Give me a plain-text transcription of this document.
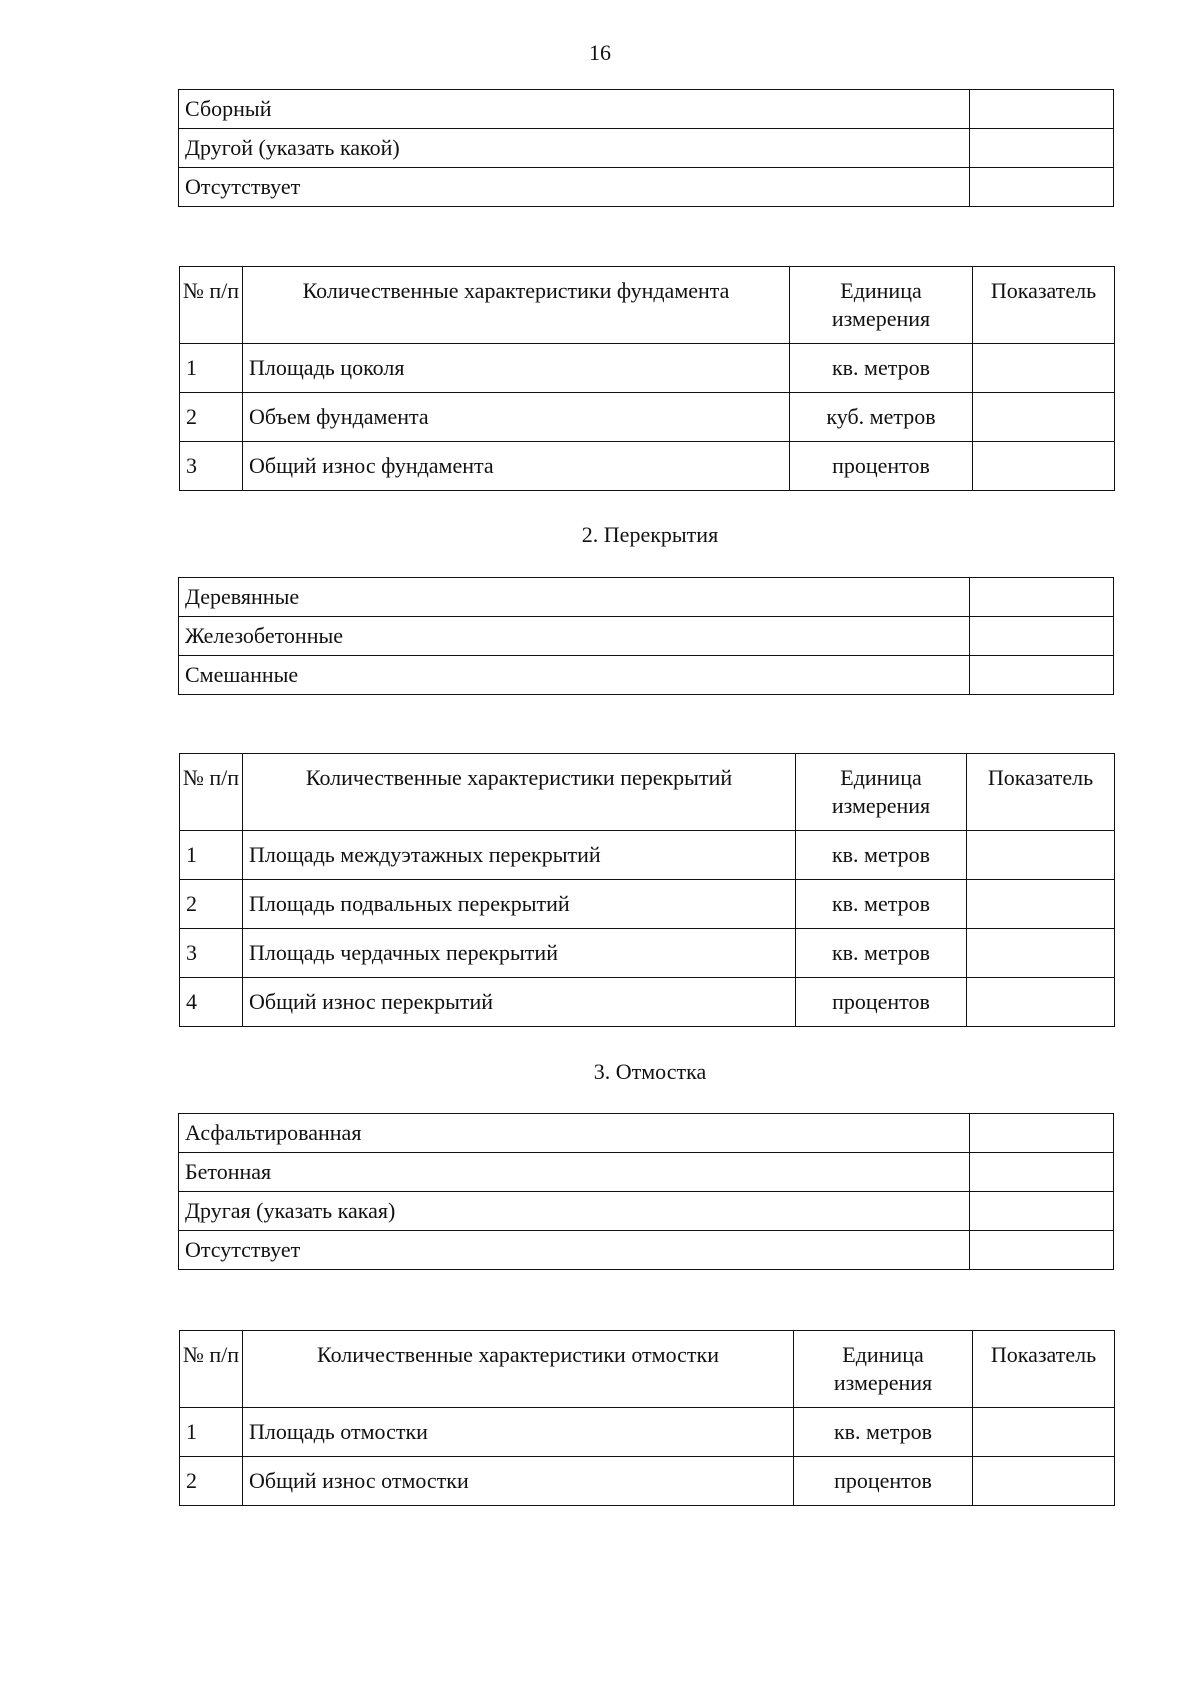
16
Сборный	
Другой (указать какой)	
Отсутствует	
№ п/п	Количественные характеристики фундамента	Единица измерения	Показатель
1	Площадь цоколя	кв. метров	
2	Объем фундамента	куб. метров	
3	Общий износ фундамента	процентов	
2. Перекрытия
Деревянные	
Железобетонные	
Смешанные	
№ п/п	Количественные характеристики перекрытий	Единица измерения	Показатель
1	Площадь междуэтажных перекрытий	кв. метров	
2	Площадь подвальных перекрытий	кв. метров	
3	Площадь чердачных перекрытий	кв. метров	
4	Общий износ перекрытий	процентов	
3. Отмостка
Асфальтированная	
Бетонная	
Другая (указать какая)	
Отсутствует	
№ п/п	Количественные характеристики отмостки	Единица измерения	Показатель
1	Площадь отмостки	кв. метров	
2	Общий износ отмостки	процентов	
